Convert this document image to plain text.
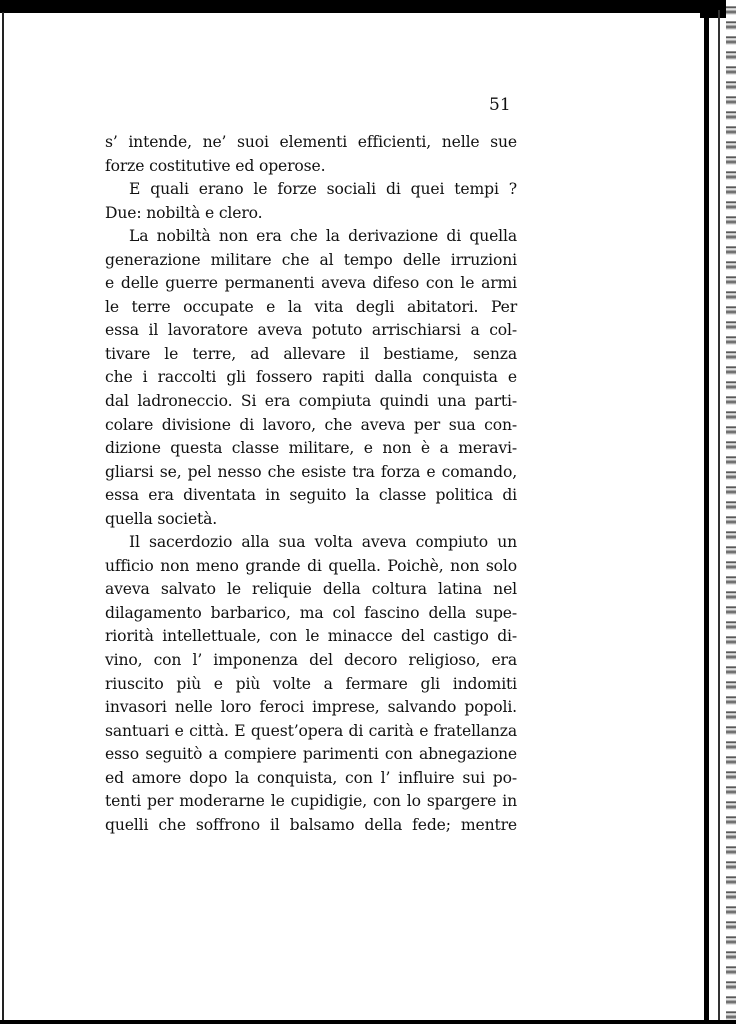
51
s’ intende, ne’ suoi elementi efficienti, nelle sue
forze costitutive ed operose.
E quali erano le forze sociali di quei tempi ?
Due: nobiltà e clero.
La nobiltà non era che la derivazione di quella
generazione militare che al tempo delle irruzioni
e delle guerre permanenti aveva difeso con le armi
le terre occupate e la vita degli abitatori. Per
essa il lavoratore aveva potuto arrischiarsi a col-
tivare le terre, ad allevare il bestiame, senza
che i raccolti gli fossero rapiti dalla conquista e
dal ladroneccio. Si era compiuta quindi una parti-
colare divisione di lavoro, che aveva per sua con-
dizione questa classe militare, e non è a meravi-
gliarsi se, pel nesso che esiste tra forza e comando,
essa era diventata in seguito la classe politica di
quella società.
Il sacerdozio alla sua volta aveva compiuto un
ufficio non meno grande di quella. Poichè, non solo
aveva salvato le reliquie della coltura latina nel
dilagamento barbarico, ma col fascino della supe-
riorità intellettuale, con le minacce del castigo di-
vino, con l’ imponenza del decoro religioso, era
riuscito più e più volte a fermare gli indomiti
invasori nelle loro feroci imprese, salvando popoli.
santuari e città. E quest’opera di carità e fratellanza
esso seguitò a compiere parimenti con abnegazione
ed amore dopo la conquista, con l’ influire sui po-
tenti per moderarne le cupidigie, con lo spargere in
quelli che soffrono il balsamo della fede; mentre
